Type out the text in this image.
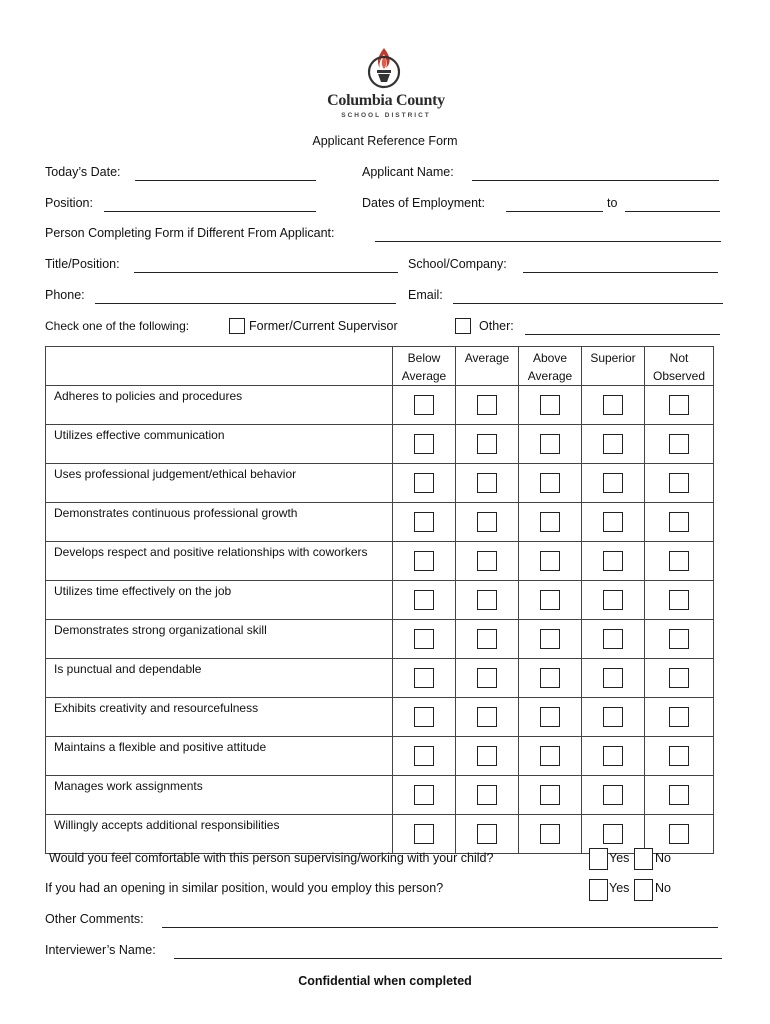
Columbia County
SCHOOL DISTRICT
Applicant Reference Form
Today’s Date:	Applicant Name:
Position:	Dates of Employment:	to
Person Completing Form if Different From Applicant:
Title/Position:	School/Company:
Phone:	Email:
Check one of the following:	Former/Current Supervisor	Other:

	Below Average	Average	Above Average	Superior	Not Observed

Adheres to policies and procedures					

Utilizes effective communication					

Uses professional judgement/ethical behavior					

Demonstrates continuous professional growth					

Develops respect and positive relationships with coworkers					

Utilizes time effectively on the job					

Demonstrates strong organizational skill					

Is punctual and dependable					

Exhibits creativity and resourcefulness					

Maintains a flexible and positive attitude					

Manages work assignments					

Willingly accepts additional responsibilities					

Would you feel comfortable with this person supervising/working with your child?	Yes No
If you had an opening in similar position, would you employ this person?	Yes No
Other Comments:
Interviewer’s Name:
Confidential when completed
